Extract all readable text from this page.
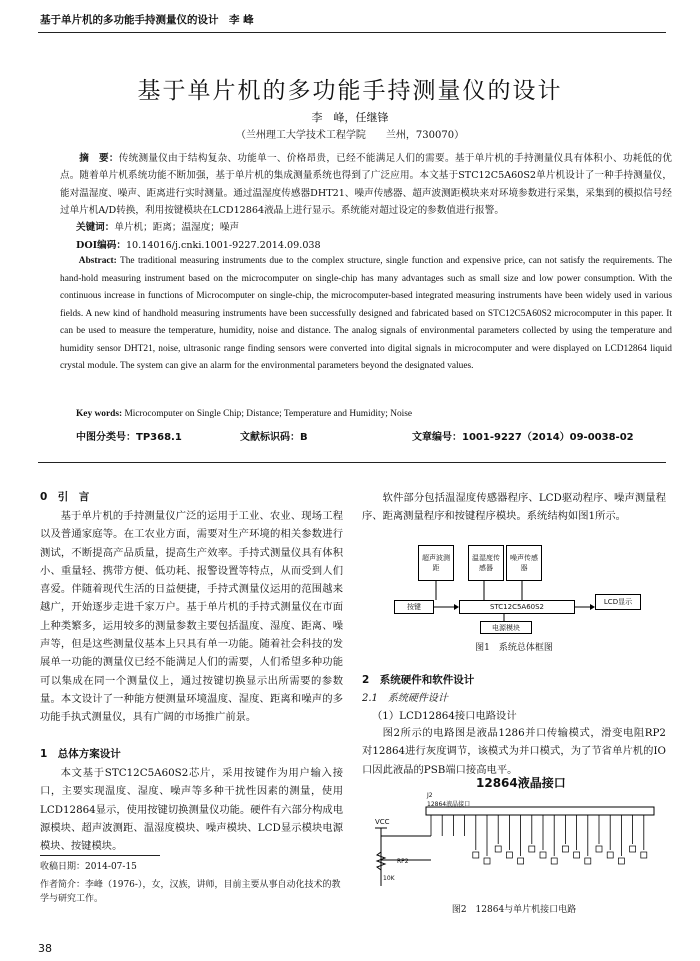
基于单片机的多功能手持测量仪的设计　李 峰
基于单片机的多功能手持测量仪的设计
李　峰，任继锋
（兰州理工大学技术工程学院　　兰州，730070）

摘　要：传统测量仪由于结构复杂、功能单一、价格昂贵，已经不能满足人们的需要。基于单片机的手持测量仪具有体积小、功耗低的优点。随着单片机系统功能不断加强，基于单片机的集成测量系统也得到了广泛应用。本文基于STC12C5A60S2单片机设计了一种手持测量仪，能对温湿度、噪声、距离进行实时测量。通过温湿度传感器DHT21、噪声传感器、超声波测距模块来对环境参数进行采集，采集到的模拟信号经过单片机A/D转换，利用按键模块在LCD12864液晶上进行显示。系统能对超过设定的参数值进行报警。

关键词：单片机；距离；温湿度；噪声
DOI编码：10.14016/j.cnki.1001-9227.2014.09.038

Abstract: The traditional measuring instruments due to the complex structure, single function and expensive price, can not satisfy the requirements. The hand-hold measuring instrument based on the microcomputer on single-chip has many advantages such as small size and low power consumption. With the continuous increase in functions of Microcomputer on single-chip, the microcomputer-based integrated measuring instruments have been widely used in various fields. A new kind of handhold measuring instruments have been successfully designed and fabricated based on STC12C5A60S2 microcomputer in this paper. It can be used to measure the temperature, humidity, noise and distance. The analog signals of environmental parameters collected by using the temperature and humidity sensor DHT21, noise, ultrasonic range finding sensors were converted into digital signals in microcomputer and were displayed on LCD12864 liquid crystal module. The system can give an alarm for the environmental parameters beyond the designated values.

Key words: Microcomputer on Single Chip; Distance; Temperature and Humidity; Noise
中图分类号：TP368.1	文献标识码：B	文章编号：1001-9227（2014）09-0038-02
0　引　言

基于单片机的手持测量仪广泛的运用于工业、农业、现场工程以及普通家庭等。在工农业方面，需要对生产环境的相关参数进行测试，不断提高产品质量，提高生产效率。手持式测量仪具有体积小、重量轻、携带方便、低功耗、报警设置等特点，从而受到人们喜爱。伴随着现代生活的日益便捷，手持式测量仪运用的范围越来越广，开始逐步走进千家万户。基于单片机的手持式测量仪在市面上种类繁多，运用较多的测量参数主要包括温度、湿度、距离、噪声等，但是这些测量仪基本上只具有单一功能。随着社会科技的发展单一功能的测量仪已经不能满足人们的需要，人们希望多种功能可以集成在同一个测量仪上，通过按键切换显示出所需要的参数量。本文设计了一种能方便测量环境温度、湿度、距离和噪声的多功能手执式测量仪，具有广阔的市场推广前景。

1　总体方案设计

本文基于STC12C5A60S2芯片，采用按键作为用户输入接口，主要实现温度、湿度、噪声等多种干扰性因素的测量，使用LCD12864显示，使用按键切换测量仪功能。硬件有六部分构成电源模块、超声波测距、温湿度模块、噪声模块、LCD显示模块电源模块、按键模块。

收稿日期：2014-07-15
作者简介：李峰（1976-），女，汉族，讲师，目前主要从事自动化技术的教学与研究工作。
38

软件部分包括温湿度传感器程序、LCD驱动程序、噪声测量程序、距离测量程序和按键程序模块。系统结构如图1所示。

超声波测距
温湿度传感器
噪声传感器
按键	STC12C5A60S2
LCD显示
电源模块
图1　系统总体框图
2　系统硬件和软件设计
2.1　系统硬件设计
（1）LCD12864接口电路设计

图2所示的电路图是液晶1286并口传输模式，滑变电阻RP2　对12864进行灰度调节，该模式为并口模式，为了节省单片机的IO口因此液晶的PSB端口接高电平。

12864液晶接口
J2
12864液晶接口
VCC
RP2
10K
图2　12864与单片机接口电路
